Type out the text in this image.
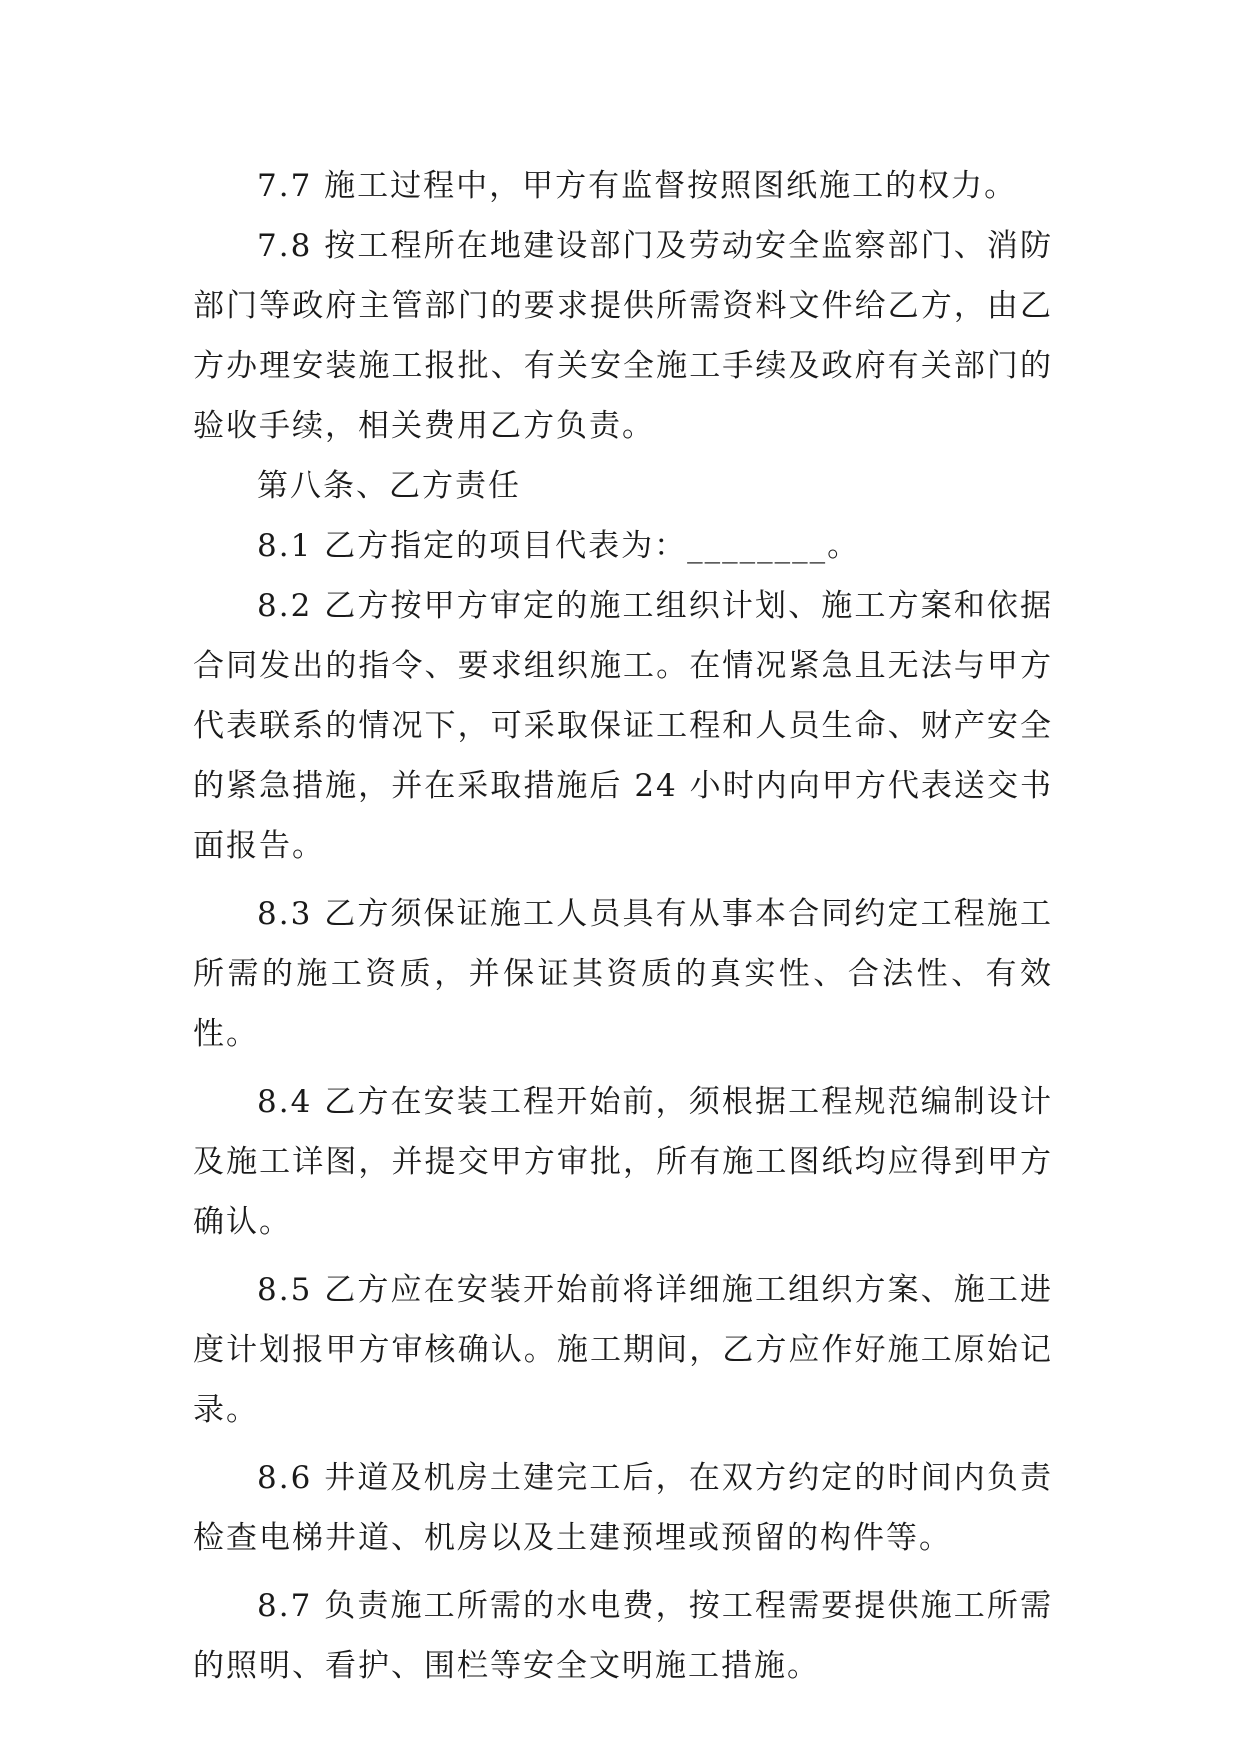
7.7 施工过程中，甲方有监督按照图纸施工的权力。

7.8 按工程所在地建设部门及劳动安全监察部门、消防部门等政府主管部门的要求提供所需资料文件给乙方，由乙方办理安装施工报批、有关安全施工手续及政府有关部门的验收手续，相关费用乙方负责。

第八条、乙方责任

8.1 乙方指定的项目代表为：________。

8.2 乙方按甲方审定的施工组织计划、施工方案和依据合同发出的指令、要求组织施工。在情况紧急且无法与甲方代表联系的情况下，可采取保证工程和人员生命、财产安全的紧急措施，并在采取措施后 24 小时内向甲方代表送交书面报告。

8.3 乙方须保证施工人员具有从事本合同约定工程施工所需的施工资质，并保证其资质的真实性、合法性、有效性。

8.4 乙方在安装工程开始前，须根据工程规范编制设计及施工详图，并提交甲方审批，所有施工图纸均应得到甲方确认。

8.5 乙方应在安装开始前将详细施工组织方案、施工进度计划报甲方审核确认。施工期间，乙方应作好施工原始记录。

8.6 井道及机房土建完工后，在双方约定的时间内负责检查电梯井道、机房以及土建预埋或预留的构件等。

8.7 负责施工所需的水电费，按工程需要提供施工所需的照明、看护、围栏等安全文明施工措施。
